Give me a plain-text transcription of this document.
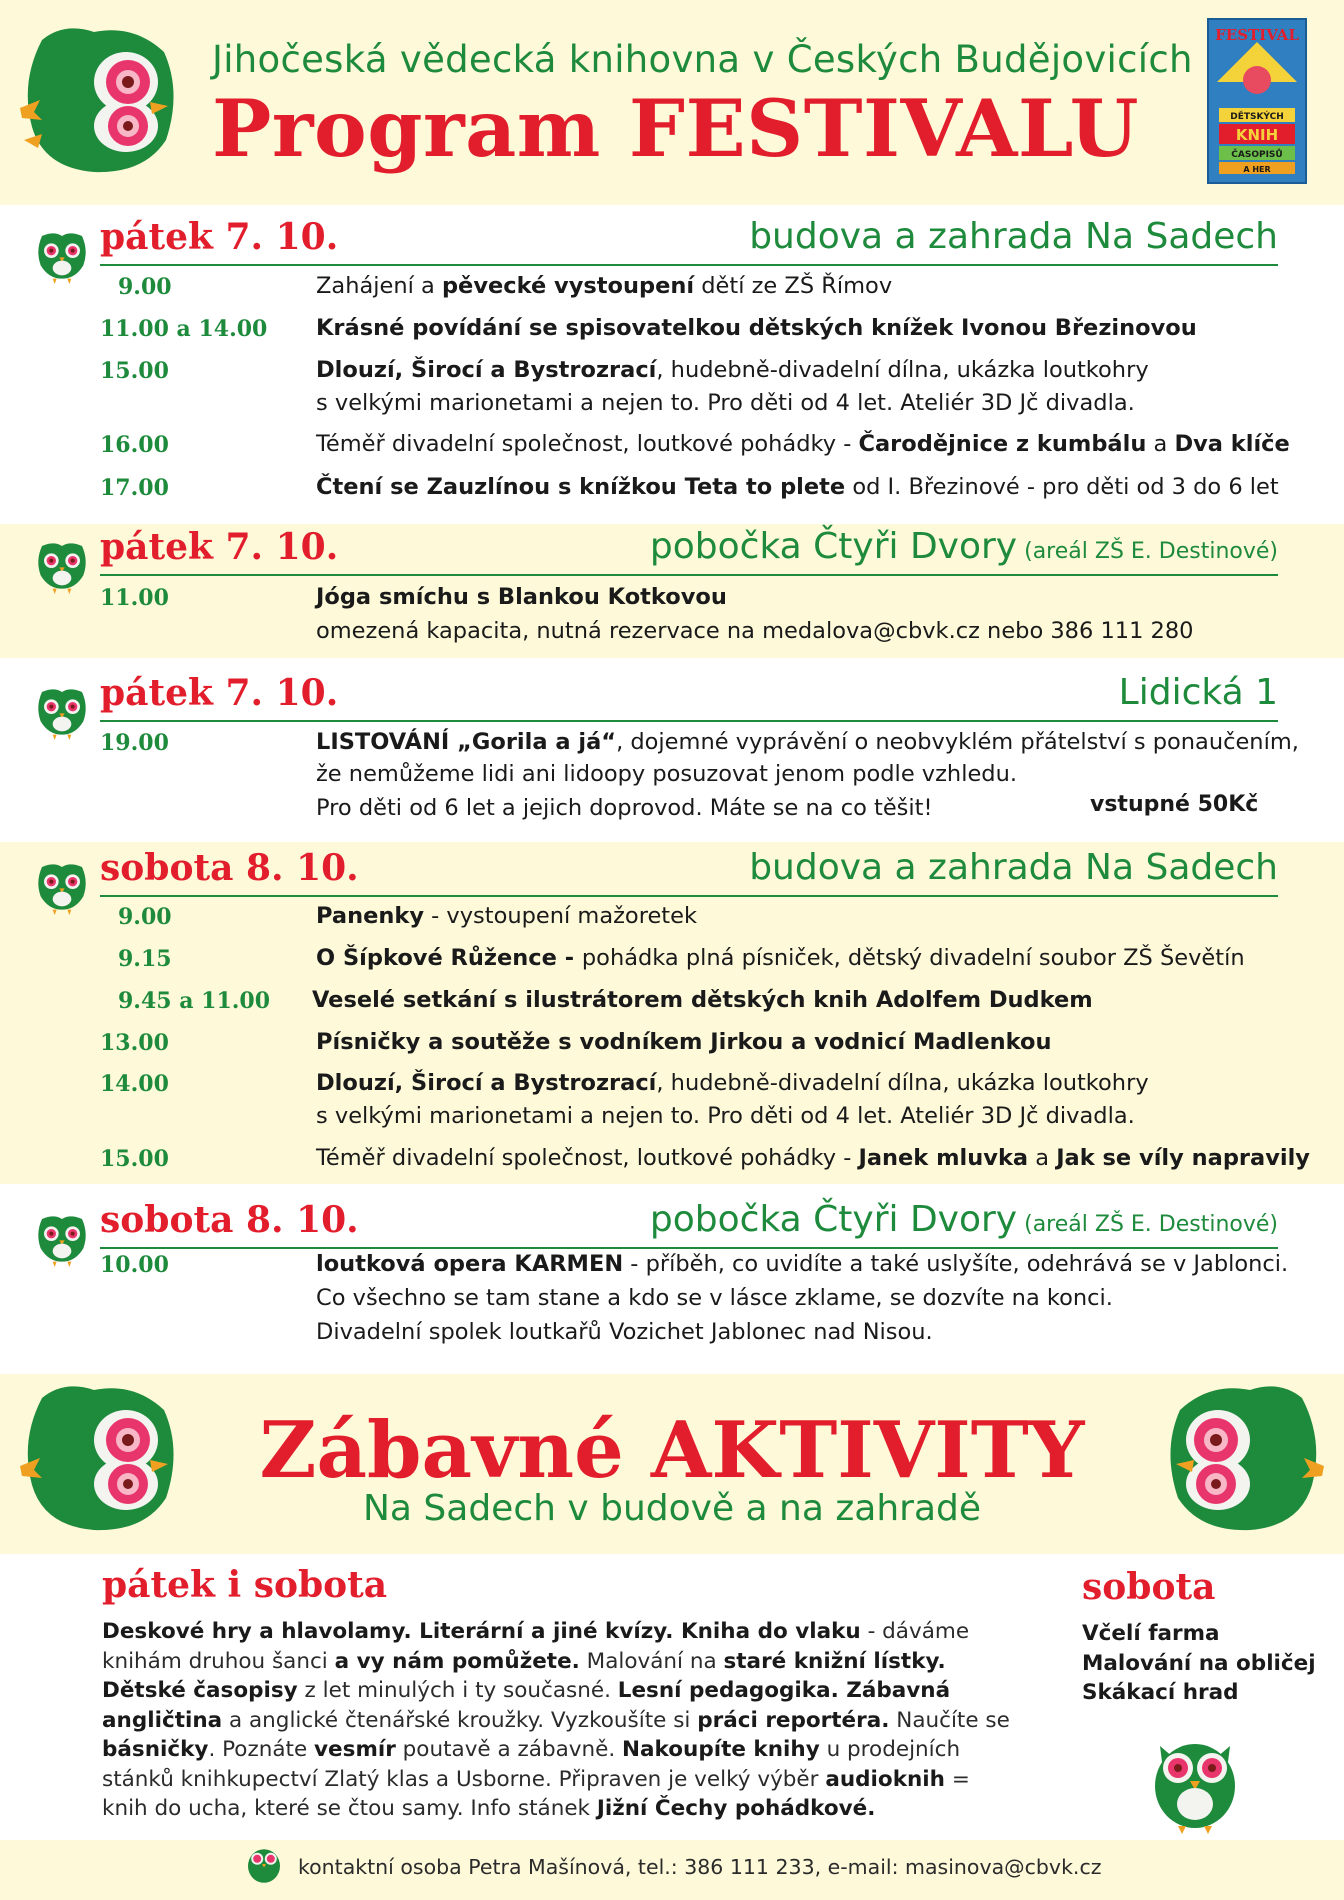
Jihočeská vědecká knihovna v Českých Budějovicích
Program FESTIVALU
FESTIVAL
DĚTSKÝCH
KNIH
ČASOPISŮ
A HER
pátek 7. 10.	budova a zahrada Na Sadech
9.00	Zahájení a pěvecké vystoupení dětí ze ZŠ Římov
11.00 a 14.00 Krásné povídání se spisovatelkou dětských knížek Ivonou Březinovou
15.00	Dlouzí, Širocí a Bystrozrací, hudebně-divadelní dílna, ukázka loutkohry
s velkými marionetami a nejen to. Pro děti od 4 let. Ateliér 3D Jč divadla.
16.00	Téměř divadelní společnost, loutkové pohádky - Čarodějnice z kumbálu a Dva klíče
17.00	Čtení se Zauzlínou s knížkou Teta to plete od I. Březinové - pro děti od 3 do 6 let
pátek 7. 10.	pobočka Čtyři Dvory (areál ZŠ E. Destinové)
11.00	Jóga smíchu s Blankou Kotkovou
omezená kapacita, nutná rezervace na medalova@cbvk.cz nebo 386 111 280
pátek 7. 10.	Lidická 1
19.00	LISTOVÁNÍ „Gorila a já“, dojemné vyprávění o neobvyklém přátelství s ponaučením,
že nemůžeme lidi ani lidoopy posuzovat jenom podle vzhledu.
Pro děti od 6 let a jejich doprovod. Máte se na co těšit!	vstupné 50Kč
sobota 8. 10.	budova a zahrada Na Sadech
9.00	Panenky - vystoupení mažoretek
9.15	O Šípkové Růžence - pohádka plná písniček, dětský divadelní soubor ZŠ Ševětín
9.45 a 11.00 Veselé setkání s ilustrátorem dětských knih Adolfem Dudkem
13.00	Písničky a soutěže s vodníkem Jirkou a vodnicí Madlenkou
14.00	Dlouzí, Širocí a Bystrozrací, hudebně-divadelní dílna, ukázka loutkohry
s velkými marionetami a nejen to. Pro děti od 4 let. Ateliér 3D Jč divadla.
15.00	Téměř divadelní společnost, loutkové pohádky - Janek mluvka a Jak se víly napravily
sobota 8. 10.	pobočka Čtyři Dvory (areál ZŠ E. Destinové)
10.00	loutková opera KARMEN - příběh, co uvidíte a také uslyšíte, odehrává se v Jablonci.
Co všechno se tam stane a kdo se v lásce zklame, se dozvíte na konci.
Divadelní spolek loutkařů Vozichet Jablonec nad Nisou.
Zábavné AKTIVITY
Na Sadech v budově a na zahradě
pátek i sobota
Deskové hry a hlavolamy. Literární a jiné kvízy. Kniha do vlaku - dáváme knihám druhou šanci a vy nám pomůžete. Malování na staré knižní lístky. Dětské časopisy z let minulých i ty současné. Lesní pedagogika. Zábavná angličtina a anglické čtenářské kroužky. Vyzkoušíte si práci reportéra. Naučíte se básničky. Poznáte vesmír poutavě a zábavně. Nakoupíte knihy u prodejních stánků knihkupectví Zlatý klas a Usborne. Připraven je velký výběr audioknih = knih do ucha, které se čtou samy. Info stánek Jižní Čechy pohádkové.
sobota
Včelí farma
Malování na obličej
Skákací hrad
kontaktní osoba Petra Mašínová, tel.: 386 111 233, e-mail: masinova@cbvk.cz
